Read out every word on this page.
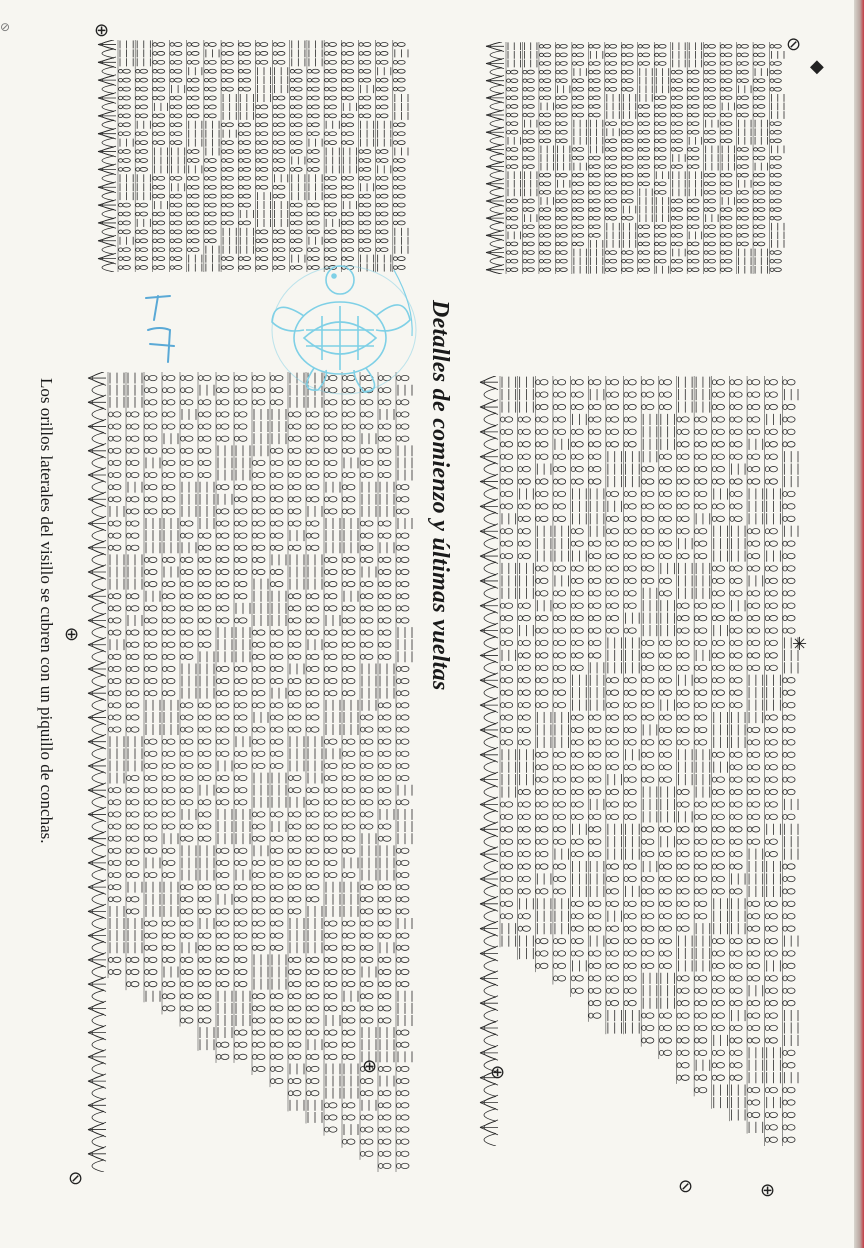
⊘
Detalles de comienzo y últimas vueltas
Los orillos laterales del visillo se cubren con un piquillo de conchas.
⊘
◆
⊕
✳
⊕
⊕
⊕
⊕
⊘
⊘
